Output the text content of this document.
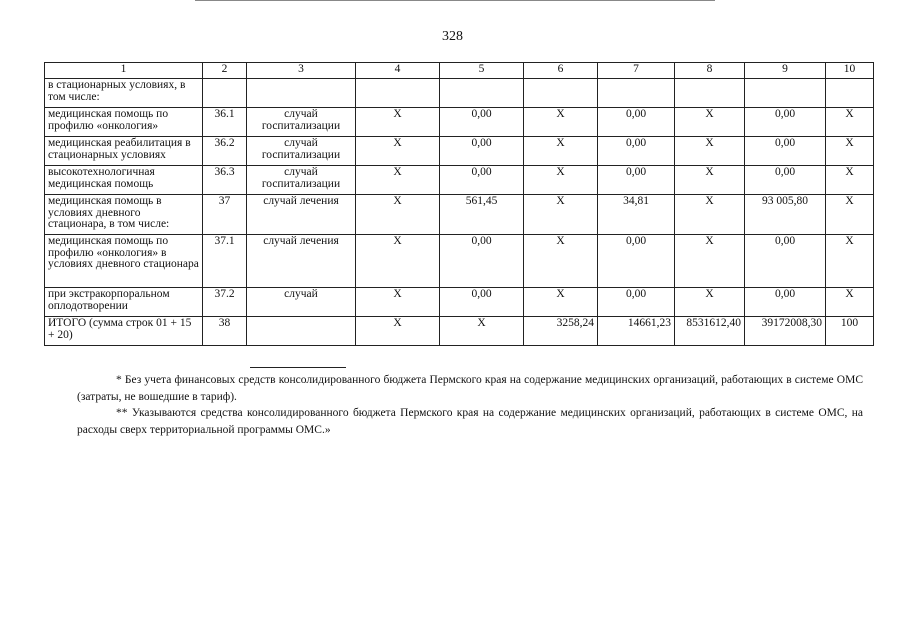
328
1	2	3	4	5	6	7	8	9	10
в стационарных условиях, в том числе:									
медицинская помощь по профилю «онкология»	36.1	случай госпитализации	X	0,00	X	0,00	X	0,00	X
медицинская реабилитация в стационарных условиях	36.2	случай госпитализации	X	0,00	X	0,00	X	0,00	X
высокотехнологичная медицинская помощь	36.3	случай госпитализации	X	0,00	X	0,00	X	0,00	X
медицинская помощь в условиях дневного стационара, в том числе:	37	случай лечения	X	561,45	X	34,81	X	93 005,80	X
медицинская помощь по профилю «онкология» в условиях дневного стационара	37.1	случай лечения	X	0,00	X	0,00	X	0,00	X
при экстракорпоральном оплодотворении	37.2	случай	X	0,00	X	0,00	X	0,00	X
ИТОГО (сумма строк 01 + 15 + 20)	38		X	X	3258,24	14661,23	8531612,40	39172008,30	100
* Без учета финансовых средств консолидированного бюджета Пермского края на содержание медицинских организаций, работающих в системе ОМС (затраты, не вошедшие в тариф).
** Указываются средства консолидированного бюджета Пермского края на содержание медицинских организаций, работающих в системе ОМС, на расходы сверх территориальной программы ОМС.»
